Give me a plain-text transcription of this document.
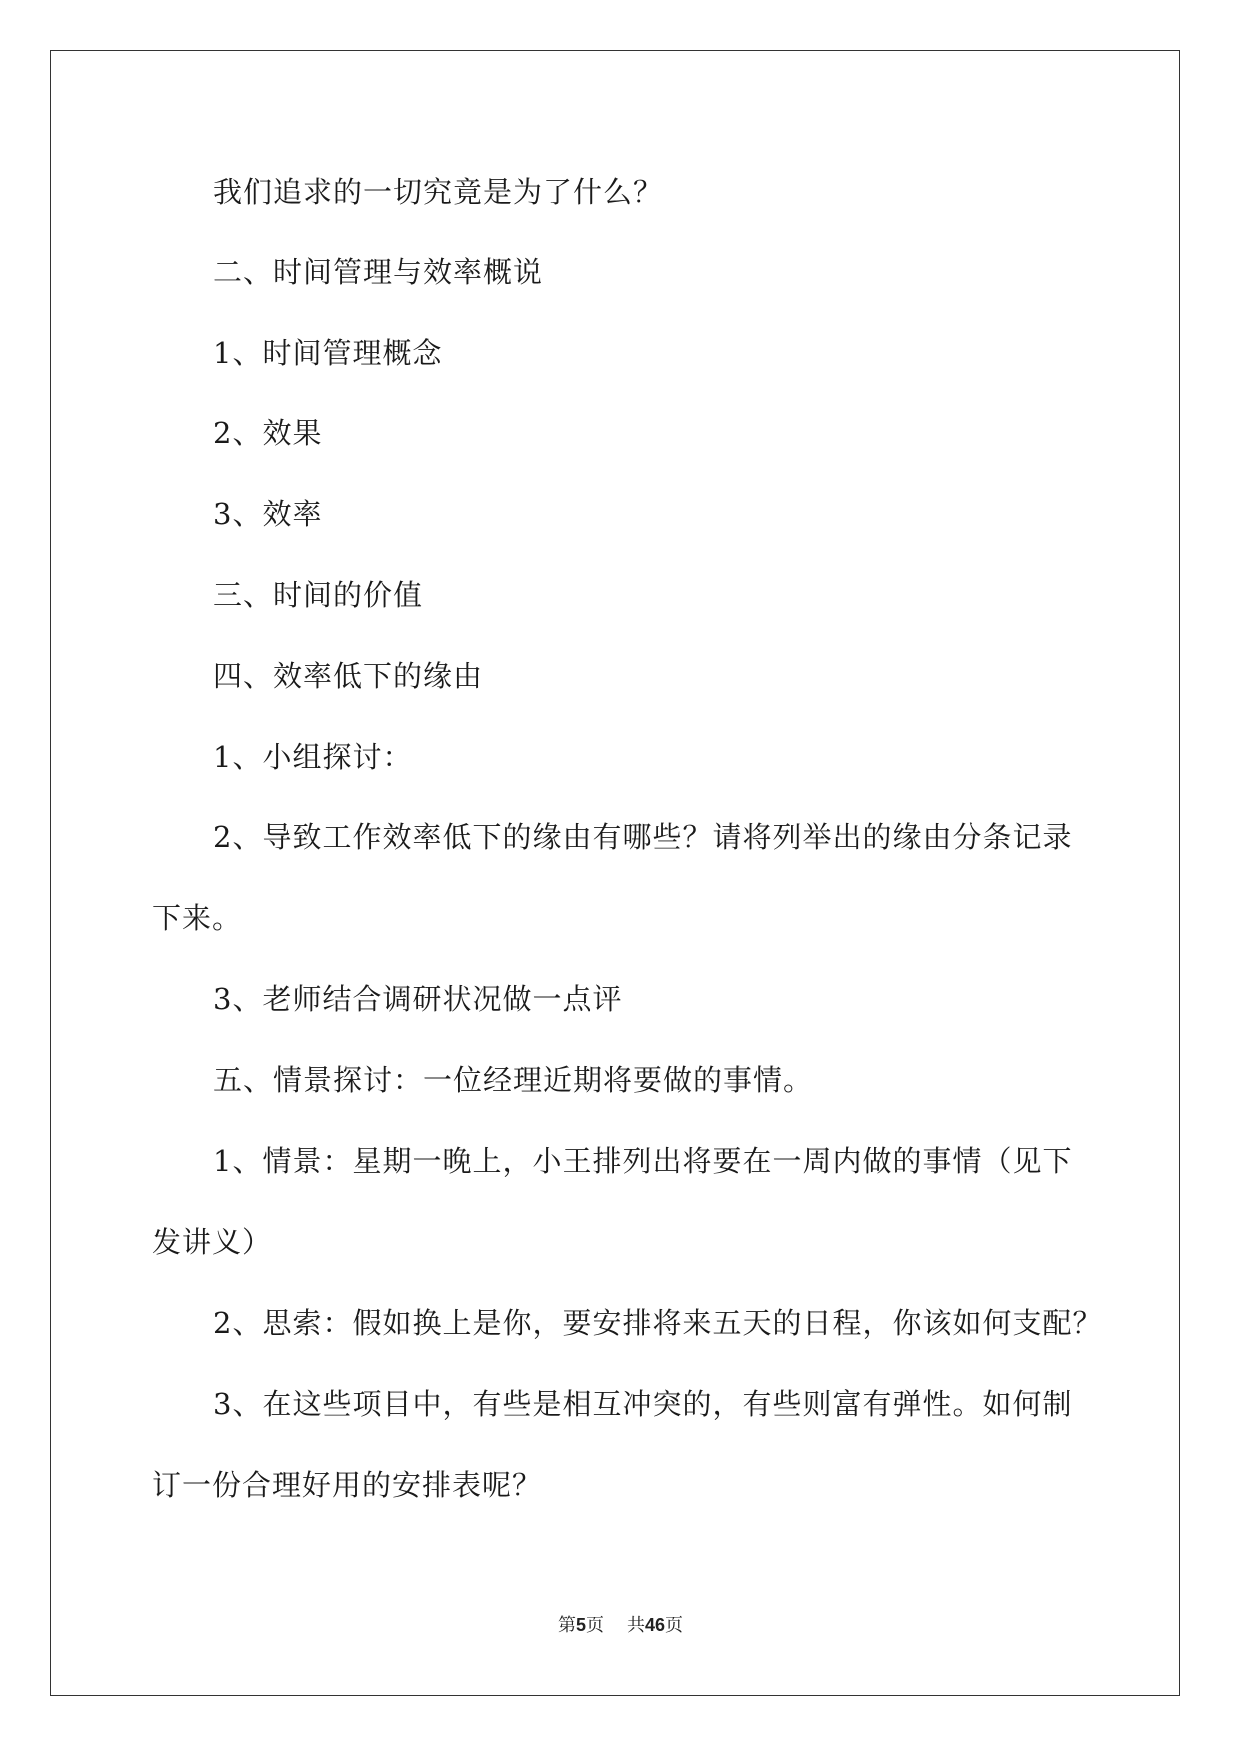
我们追求的一切究竟是为了什么？
二、时间管理与效率概说
1、时间管理概念
2、效果
3、效率
三、时间的价值
四、效率低下的缘由
1、小组探讨：
2、导致工作效率低下的缘由有哪些？请将列举出的缘由分条记录
下来。
3、老师结合调研状况做一点评
五、情景探讨：一位经理近期将要做的事情。
1、情景：星期一晚上，小王排列出将要在一周内做的事情（见下
发讲义）
2、思索：假如换上是你，要安排将来五天的日程，你该如何支配？
3、在这些项目中，有些是相互冲突的，有些则富有弹性。如何制
订一份合理好用的安排表呢？
第5页 共46页
